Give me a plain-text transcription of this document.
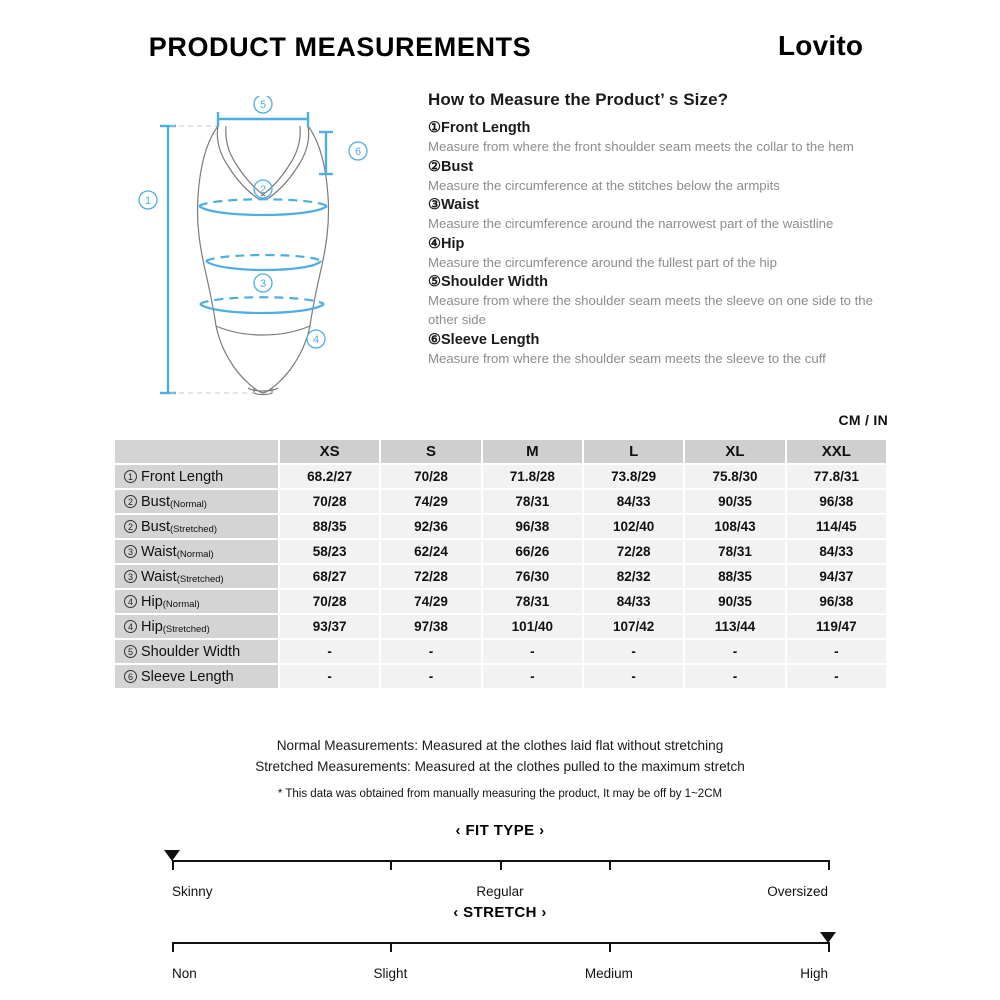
PRODUCT MEASUREMENTS	Lovito
1
2
3
4
5
6
How to Measure the Product’ s Size?
①Front Length
Measure from where the front shoulder seam meets the collar to the hem
②Bust
Measure the circumference at the stitches below the armpits
③Waist
Measure the circumference around the narrowest part of the waistline
④Hip
Measure the circumference around the fullest part of the hip
⑤Shoulder Width
Measure from where the shoulder seam meets the sleeve on one side to the other side
⑥Sleeve Length
Measure from where the shoulder seam meets the sleeve to the cuff
CM / IN
	XS	S	M	L	XL	XXL
1 Front Length	68.2/27	70/28	71.8/28	73.8/29	75.8/30	77.8/31
2 Bust(Normal)	70/28	74/29	78/31	84/33	90/35	96/38
2 Bust(Stretched)	88/35	92/36	96/38	102/40	108/43	114/45
3 Waist(Normal)	58/23	62/24	66/26	72/28	78/31	84/33
3 Waist(Stretched)	68/27	72/28	76/30	82/32	88/35	94/37
4 Hip(Normal)	70/28	74/29	78/31	84/33	90/35	96/38
4 Hip(Stretched)	93/37	97/38	101/40	107/42	113/44	119/47
5 Shoulder Width	-	-	-	-	-	-
6 Sleeve Length	-	-	-	-	-	-
Normal Measurements: Measured at the clothes laid flat without stretching
Stretched Measurements: Measured at the clothes pulled to the maximum stretch
* This data was obtained from manually measuring the product, It may be off by 1~2CM
‹ FIT TYPE ›
Skinny	Regular	Oversized
‹ STRETCH ›
Non	Slight	Medium	High
